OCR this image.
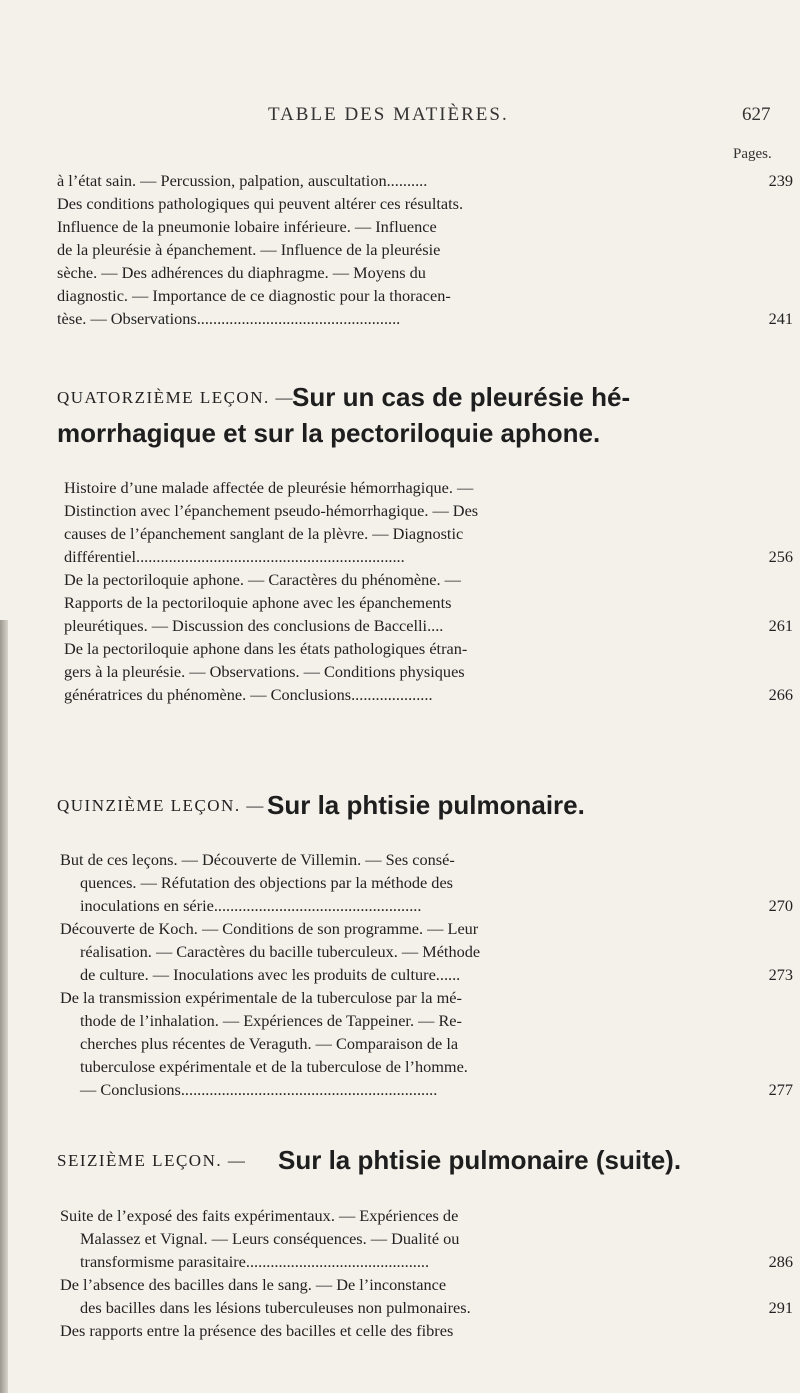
TABLE DES MATIÈRES.	627
Pages.
à l’état sain. — Percussion, palpation, auscultation..........	239
Des conditions pathologiques qui peuvent altérer ces résultats.
Influence de la pneumonie lobaire inférieure. — Influence
de la pleurésie à épanchement. — Influence de la pleurésie
sèche. — Des adhérences du diaphragme. — Moyens du
diagnostic. — Importance de ce diagnostic pour la thoracen-
tèse. — Observations..................................................	241
QUATORZIÈME LEÇON. —
Sur un cas de pleurésie hé-
morrhagique et sur la pectoriloquie aphone.
Histoire d’une malade affectée de pleurésie hémorrhagique. —
Distinction avec l’épanchement pseudo-hémorrhagique. — Des
causes de l’épanchement sanglant de la plèvre. — Diagnostic
différentiel..................................................................	256
De la pectoriloquie aphone. — Caractères du phénomène. —
Rapports de la pectoriloquie aphone avec les épanchements
pleurétiques. — Discussion des conclusions de Baccelli....	261
De la pectoriloquie aphone dans les états pathologiques étran-
gers à la pleurésie. — Observations. — Conditions physiques
génératrices du phénomène. — Conclusions....................	266
QUINZIÈME LEÇON. — Sur la phtisie pulmonaire.
But de ces leçons. — Découverte de Villemin. — Ses consé-
quences. — Réfutation des objections par la méthode des
inoculations en série...................................................	270
Découverte de Koch. — Conditions de son programme. — Leur
réalisation. — Caractères du bacille tuberculeux. — Méthode
de culture. — Inoculations avec les produits de culture......	273
De la transmission expérimentale de la tuberculose par la mé-
thode de l’inhalation. — Expériences de Tappeiner. — Re-
cherches plus récentes de Veraguth. — Comparaison de la
tuberculose expérimentale et de la tuberculose de l’homme.
— Conclusions...............................................................	277
SEIZIÈME LEÇON. — Sur la phtisie pulmonaire (suite).
Suite de l’exposé des faits expérimentaux. — Expériences de
Malassez et Vignal. — Leurs conséquences. — Dualité ou
transformisme parasitaire.............................................	286
De l’absence des bacilles dans le sang. — De l’inconstance
des bacilles dans les lésions tuberculeuses non pulmonaires.	291
Des rapports entre la présence des bacilles et celle des fibres
